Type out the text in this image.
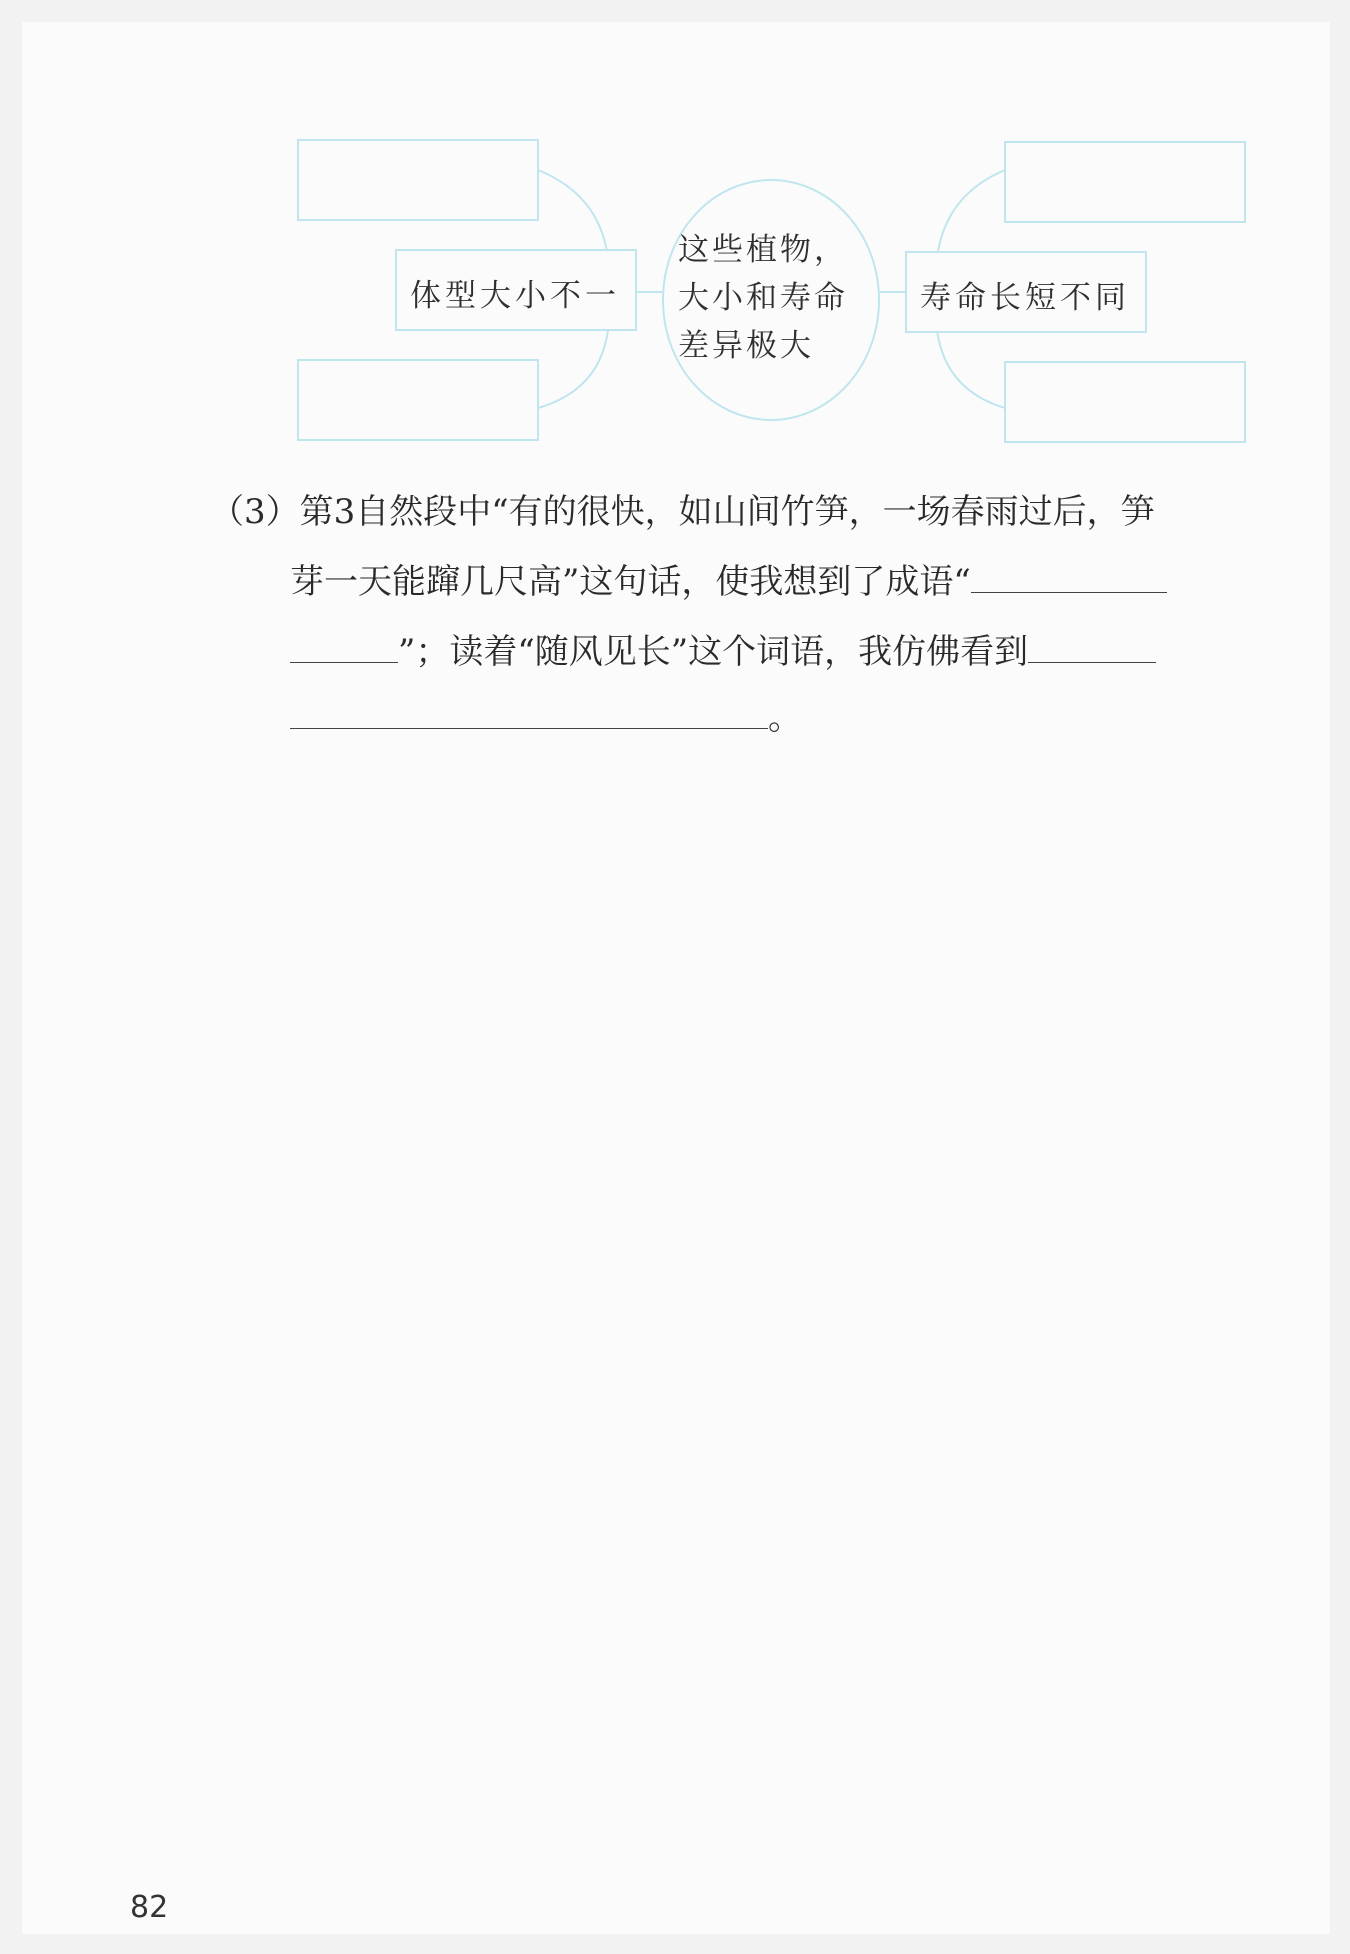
这些植物，
大小和寿命
差异极大
体型大小不一	寿命长短不同
（3）第3自然段中“有的很快，如山间竹笋，一场春雨过后，笋
芽一天能蹿几尺高”这句话，使我想到了成语“
”；读着“随风见长”这个词语，我仿佛看到
。
82
